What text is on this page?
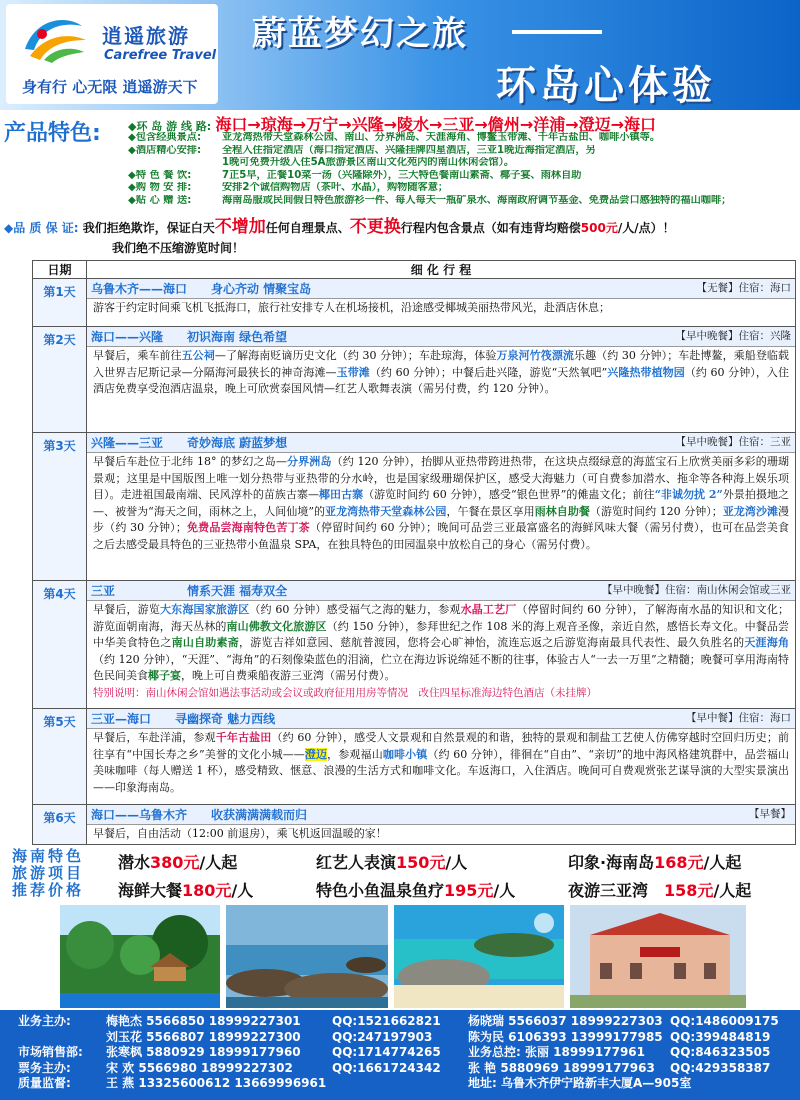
逍遥旅游
Carefree Travel
身有行 心无限 逍遥游天下
蔚蓝梦幻之旅
环岛心体验
产品特色: ◆环 岛 游 线 路: 海口→琼海→万宁→兴隆→陵水→三亚→儋州→洋浦→澄迈→海口
◆包含经典景点: 亚龙湾热带天堂森林公园、南山、分界洲岛、天涯海角、博鳌玉带滩、千年古盐田、咖啡小镇等。
◆酒店精心安排: 全程入住指定酒店（海口指定酒店、兴隆挂牌四星酒店，三亚1晚近海指定酒店，另
1晚可免费升级入住5A旅游景区南山文化苑内的南山休闲会馆）。
◆特 色 餐 饮:	7正5早，正餐10菜一汤（兴隆除外），三大特色餐南山素斋、椰子宴、雨林自助
◆购 物 安 排:	安排2个诚信购物店（茶叶、水晶），购物随客意；
◆贴 心 赠 送:	海南岛服或民间假日特色旅游衫一件、每人每天一瓶矿泉水、海南政府调节基金、免费品尝口感独特的福山咖啡；
◆品 质 保 证: 我们拒绝欺诈，保证白天不增加任何自理景点、不更换行程内包含景点（如有违背均赔偿500元/人/点）！
我们绝不压缩游览时间！
日期	细 化 行 程
第1天	乌鲁木齐——海口　　身心齐动 情聚宝岛 【无餐】住宿：海口
游客于约定时间乘飞机飞抵海口，旅行社安排专人在机场接机，沿途感受椰城美丽热带风光，赴酒店休息；

第2天	海口——兴隆　　初识海南 绿色希望 【早中晚餐】住宿：兴隆
早餐后，乘车前往五公祠—了解海南贬谪历史文化（约 30 分钟）；车赴琼海，体验万泉河竹筏漂流乐趣（约 30 分钟）；车赴博鳌，乘船登临载入世界吉尼斯记录—分隔海河最狭长的神奇海滩—玉带滩（约 60 分钟）；中餐后赴兴隆，游览“天然氧吧”兴隆热带植物园（约 60 分钟），入住酒店免费享受泡酒店温泉，晚上可欣赏泰国风情—红艺人歌舞表演（需另付费，约 120 分钟）。

第3天	兴隆——三亚　　奇妙海底 蔚蓝梦想 【早中晚餐】住宿：三亚
早餐后车赴位于北纬 18° 的梦幻之岛—分界洲岛（约 120 分钟），抬脚从亚热带跨进热带，在这块点缀绿意的海蓝宝石上欣赏美丽多彩的珊瑚景观；这里是中国版图上唯一划分热带与亚热带的分水岭，也是国家级珊瑚保护区，感受大海魅力（可自费参加潜水、拖伞等各种海上娱乐项目）。走进祖国最南端、民风淳朴的苗族古寨—椰田古寨（游览时间约 60 分钟），感受“银色世界”的傩蛊文化；前往“非诚勿扰 2”外景拍摄地之—、被誉为“海天之间，雨林之上，人间仙境”的亚龙湾热带天堂森林公园，午餐在景区享用雨林自助餐（游览时间约 120 分钟）；亚龙湾沙滩漫步（约 30 分钟）；免费品尝海南特色苦丁茶（停留时间约 60 分钟）；晚间可品尝三亚最富盛名的海鲜风味大餐（需另付费），也可在品尝美食之后去感受最具特色的三亚热带小鱼温泉 SPA，在独具特色的田园温泉中放松自己的身心（需另付费）。

第4天	三亚　　　　　　情系天涯 福寿双全 【早中晚餐】住宿：南山休闲会馆或三亚
早餐后，游览大东海国家旅游区（约 60 分钟）感受福气之海的魅力，参观水晶工艺厂（停留时间约 60 分钟），了解海南水晶的知识和文化；游览面朝南海，海天丛林的南山佛教文化旅游区（约 150 分钟），参拜世纪之作 108 米的海上观音圣像，亲近自然，感悟长寿文化。中餐品尝中华美食特色之南山自助素斋，游览吉祥如意园、慈航普渡园，您将会心旷神怡，流连忘返之后游览海南最具代表性、最久负胜名的天涯海角（约 120 分钟），“天涯”、“海角”的石刻像染蓝色的泪滴，伫立在海边诉说绵延不断的往事，体验古人“一去一万里”之精髓；晚餐可享用海南特色民间美食椰子宴，晚上可自费乘船夜游三亚湾（需另付费）。
特别说明：南山休闲会馆如遇法事活动或会议或政府征用用房等情况　改住四星标准海边特色酒店（未挂牌）

第5天	三亚—海口　　寻幽探奇 魅力西线 【早中餐】住宿：海口
早餐后，车赴洋浦，参观千年古盐田（约 60 分钟），感受人文景观和自然景观的和谐，独特的景观和制盐工艺使人仿佛穿越时空回归历史；前往享有“中国长寿之乡”美誉的文化小城——澄迈，参观福山咖啡小镇（约 60 分钟），徘徊在“自由”、“亲切”的地中海风格建筑群中，品尝福山美味咖啡（每人赠送 1 杯），感受精致、惬意、浪漫的生活方式和咖啡文化。车返海口，入住酒店。晚间可自费观赏张艺谋导演的大型实景演出——印象海南岛。

第6天	海口——乌鲁木齐　　收获满满满载而归 【早餐】
早餐后，自由活动（12:00 前退房），乘飞机返回温暖的家！
海南特色
旅游项目
推荐价格
潜水380元/人起	红艺人表演150元/人	印象·海南岛168元/人起
海鲜大餐180元/人	特色小鱼温泉鱼疗195元/人	夜游三亚湾　 158元/人起
业务主办:	梅艳杰 5566850 18999227301	QQ:1521662821 杨晓瑞 5566037 18999227303 QQ:1486009175
刘玉花 5566807 18999227300	QQ:247197903	陈为民 6106393 13999177985 QQ:399484819
市场销售部: 张寒枫 5880929 18999177960	QQ:1714774265 业务总控: 张丽 18999177961 QQ:846323505
票务主办:	宋 欢 5566980 18999227302	QQ:1661724342 张 艳 5880969 18999177963 QQ:429358387
质量监督:	王 燕 13325600612 13669996961	地址: 乌鲁木齐伊宁路新丰大厦A—905室
